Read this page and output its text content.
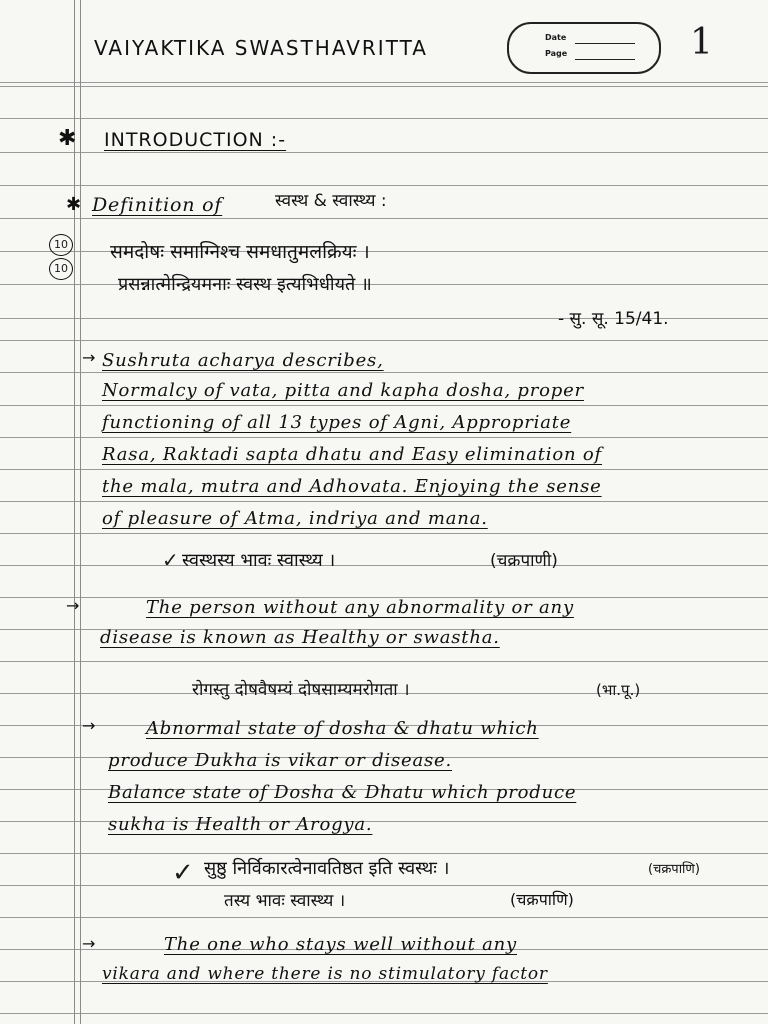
VAIYAKTIKA SWASTHAVRITTA	Date
Page	1
✱ INTRODUCTION :-
✱ Definition of	स्वस्थ & स्वास्थ्य :
10
10
समदोषः समाग्निश्च समधातुमलक्रियः ।
प्रसन्नात्मेन्द्रियमनाः स्वस्थ इत्यभिधीयते ॥
- सु. सू. 15/41.
→ Sushruta acharya describes,
Normalcy of vata, pitta and kapha dosha, proper
functioning of all 13 types of Agni, Appropriate
Rasa, Raktadi sapta dhatu and Easy elimination of
the mala, mutra and Adhovata. Enjoying the sense
of pleasure of Atma, indriya and mana.
✓ स्वस्थस्य भावः स्वास्थ्य ।	(चक्रपाणी)
→	The person without any abnormality or any
disease is known as Healthy or swastha.
रोगस्तु दोषवैषम्यं दोषसाम्यमरोगता ।	(भा.पू.)
→	Abnormal state of dosha & dhatu which
produce Dukha is vikar or disease.
Balance state of Dosha & Dhatu which produce
sukha is Health or Arogya.
✓ सुष्ठु निर्विकारत्वेनावतिष्ठत इति स्वस्थः ।	(चक्रपाणि)
तस्य भावः स्वास्थ्य ।	(चक्रपाणि)
→	The one who stays well without any
vikara and where there is no stimulatory factor
